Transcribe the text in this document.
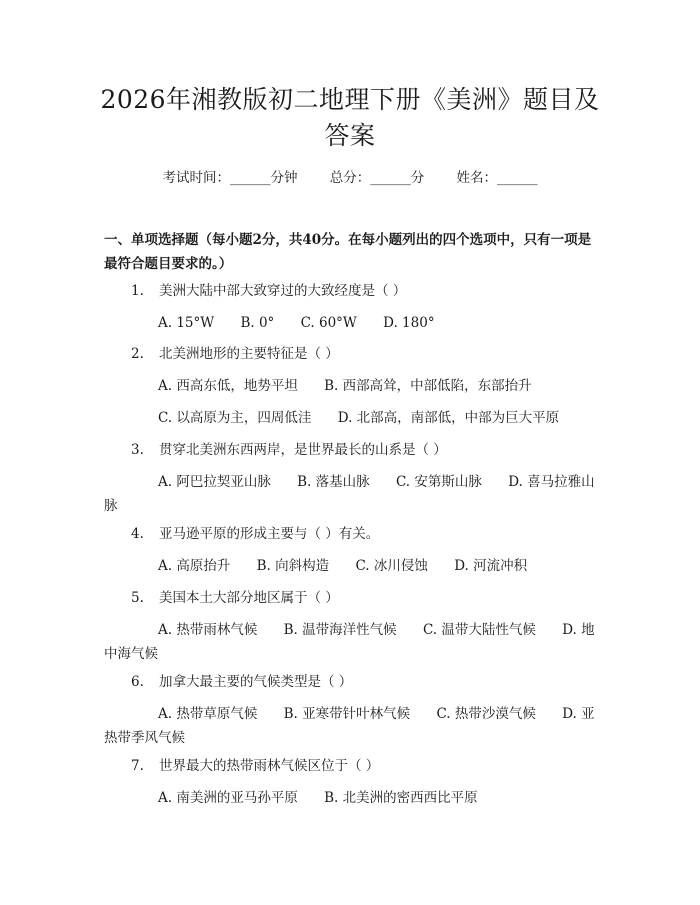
2026年湘教版初二地理下册《美洲》题目及答案
考试时间：______分钟 总分：______分 姓名：______
一、单项选择题（每小题2分，共40分。在每小题列出的四个选项中，只有一项是最符合题目要求的。）
1. 美洲大陆中部大致穿过的大致经度是（ ）
A. 15°W B. 0° C. 60°W D. 180°
2. 北美洲地形的主要特征是（ ）
A. 西高东低，地势平坦 B. 西部高耸，中部低陷，东部抬升
C. 以高原为主，四周低洼 D. 北部高，南部低，中部为巨大平原
3. 贯穿北美洲东西两岸，是世界最长的山系是（ ）
A. 阿巴拉契亚山脉 B. 落基山脉 C. 安第斯山脉 D. 喜马拉雅山脉
4. 亚马逊平原的形成主要与（ ）有关。
A. 高原抬升 B. 向斜构造 C. 冰川侵蚀 D. 河流冲积
5. 美国本土大部分地区属于（ ）
A. 热带雨林气候 B. 温带海洋性气候 C. 温带大陆性气候 D. 地中海气候
6. 加拿大最主要的气候类型是（ ）
A. 热带草原气候 B. 亚寒带针叶林气候 C. 热带沙漠气候 D. 亚热带季风气候
7. 世界最大的热带雨林气候区位于（ ）
A. 南美洲的亚马孙平原 B. 北美洲的密西西比平原
